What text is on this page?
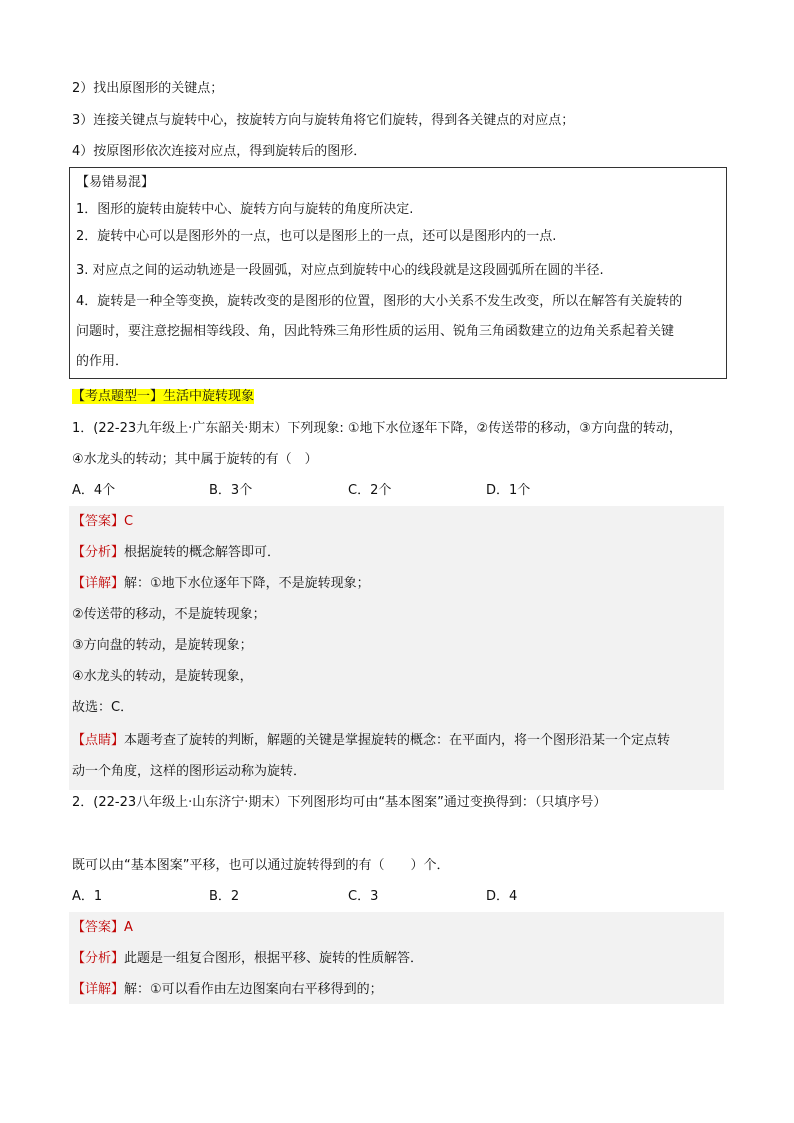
2）找出原图形的关键点；
3）连接关键点与旋转中心，按旋转方向与旋转角将它们旋转，得到各关键点的对应点；
4）按原图形依次连接对应点，得到旋转后的图形．
【易错易混】
1．图形的旋转由旋转中心、旋转方向与旋转的角度所决定.
2．旋转中心可以是图形外的一点，也可以是图形上的一点，还可以是图形内的一点.
3. 对应点之间的运动轨迹是一段圆弧，对应点到旋转中心的线段就是这段圆弧所在圆的半径.
4．旋转是一种全等变换，旋转改变的是图形的位置，图形的大小关系不发生改变，所以在解答有关旋转的
问题时，要注意挖掘相等线段、角，因此特殊三角形性质的运用、锐角三角函数建立的边角关系起着关键
的作用．
【考点题型一】生活中旋转现象
1．(22-23九年级上·广东韶关·期末）下列现象: ①地下水位逐年下降，②传送带的移动，③方向盘的转动，
④水龙头的转动；其中属于旋转的有（　）
A．4个	B．3个	C．2个	D．1个
【答案】C
【分析】根据旋转的概念解答即可．
【详解】解：①地下水位逐年下降，不是旋转现象；
②传送带的移动，不是旋转现象；
③方向盘的转动，是旋转现象；
④水龙头的转动，是旋转现象，
故选：C．
【点睛】本题考查了旋转的判断，解题的关键是掌握旋转的概念：在平面内，将一个图形沿某一个定点转
动一个角度，这样的图形运动称为旋转．
2．(22-23八年级上·山东济宁·期末）下列图形均可由“基本图案”通过变换得到：（只填序号）
既可以由“基本图案”平移，也可以通过旋转得到的有（　　）个．
A．1	B．2	C．3	D．4
【答案】A
【分析】此题是一组复合图形，根据平移、旋转的性质解答．
【详解】解：①可以看作由左边图案向右平移得到的；
